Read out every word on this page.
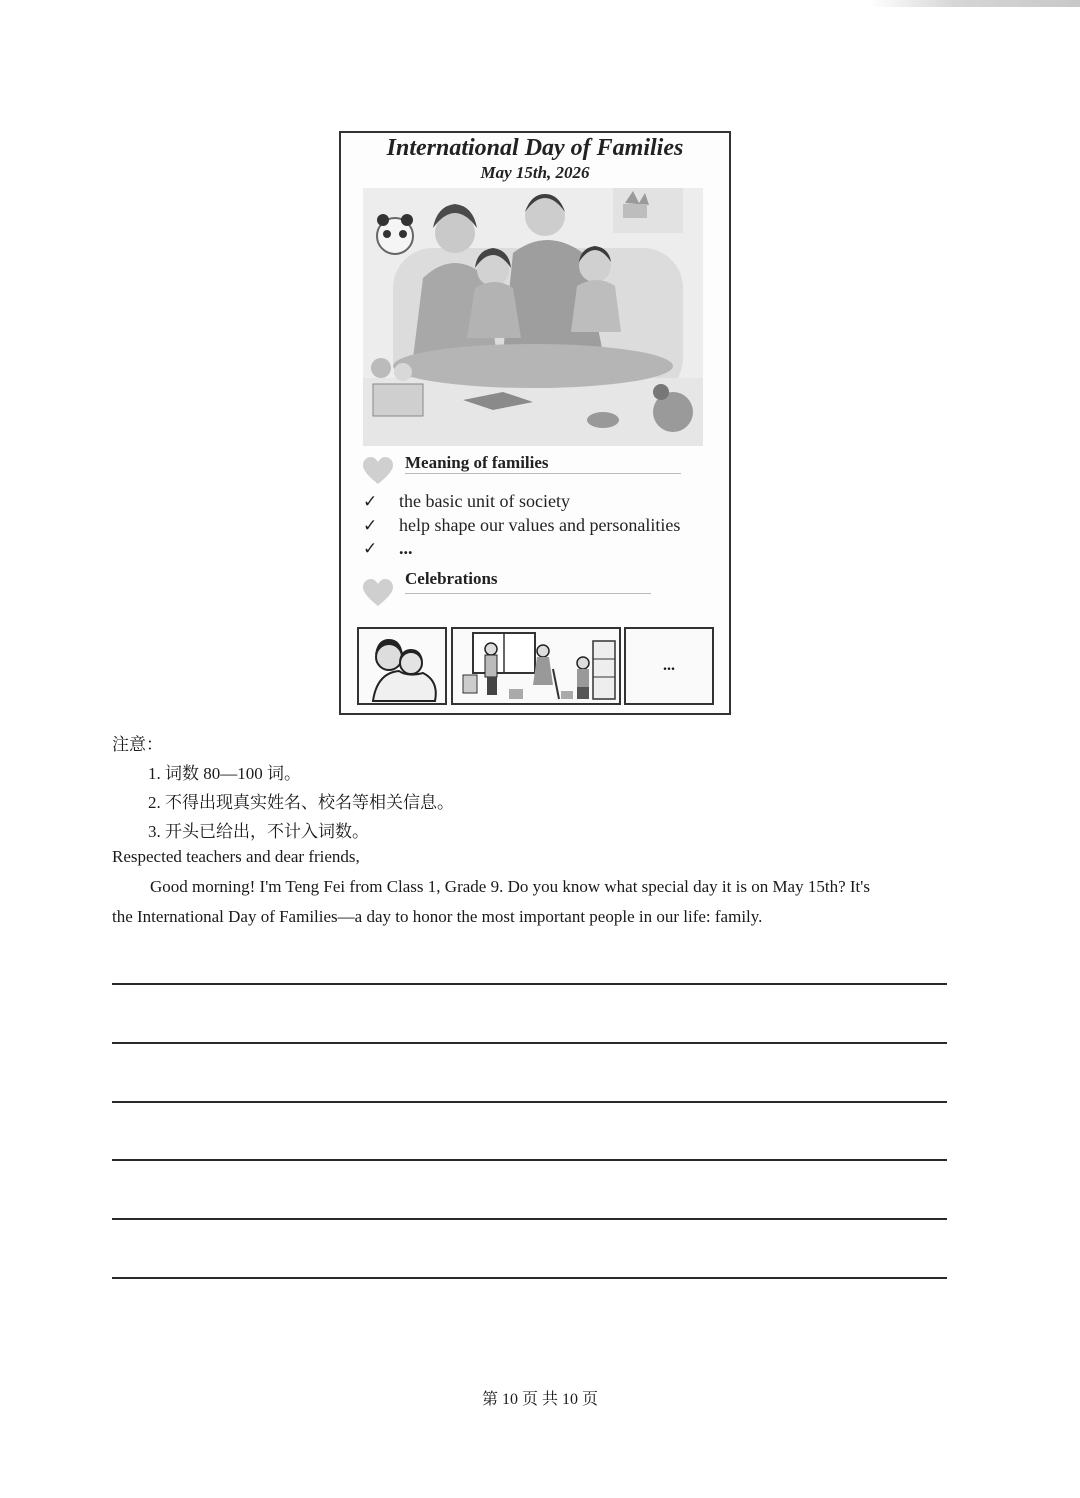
International Day of Families
May 15th, 2026
Meaning of families
✓ the basic unit of society
✓ help shape our values and personalities
✓ ...
Celebrations
...
注意：
1. 词数 80—100 词。
2. 不得出现真实姓名、校名等相关信息。
3. 开头已给出，不计入词数。
Respected teachers and dear friends,
Good morning! I'm Teng Fei from Class 1, Grade 9. Do you know what special day it is on May 15th? It's
the International Day of Families—a day to honor the most important people in our life: family.
第 10 页 共 10 页
